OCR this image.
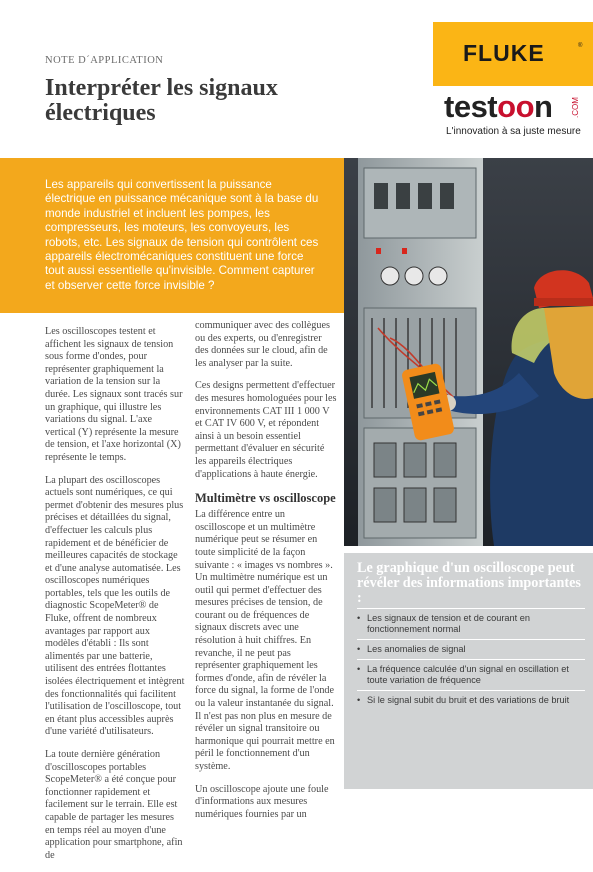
NOTE D´APPLICATION
Interpréter les signaux électriques
FLUKE	®
testoon .COM
L'innovation à sa juste mesure

Les appareils qui convertissent la puissance électrique en puissance mécanique sont à la base du monde industriel et incluent les pompes, les compresseurs, les moteurs, les convoyeurs, les robots, etc. Les signaux de tension qui contrôlent ces appareils électromécaniques constituent une force tout aussi essentielle qu'invisible. Comment capturer et observer cette force invisible ?

Les oscilloscopes testent et affichent les signaux de tension sous forme d'ondes, pour représenter graphiquement la variation de la tension sur la durée. Les signaux sont tracés sur un graphique, qui illustre les variations du signal. L'axe vertical (Y) représente la mesure de tension, et l'axe horizontal (X) représente le temps.

La plupart des oscilloscopes actuels sont numériques, ce qui permet d'obtenir des mesures plus précises et détaillées du signal, d'effectuer les calculs plus rapidement et de bénéficier de meilleures capacités de stockage et d'une analyse automatisée. Les oscilloscopes numériques portables, tels que les outils de diagnostic ScopeMeter® de Fluke, offrent de nombreux avantages par rapport aux modèles d'établi : Ils sont alimentés par une batterie, utilisent des entrées flottantes isolées électriquement et intègrent des fonctionnalités qui facilitent l'utilisation de l'oscilloscope, tout en étant plus accessibles auprès d'une variété d'utilisateurs.

La toute dernière génération d'oscilloscopes portables ScopeMeter® a été conçue pour fonctionner rapidement et facilement sur le terrain. Elle est capable de partager les mesures en temps réel au moyen d'une application pour smartphone, afin de

communiquer avec des collègues ou des experts, ou d'enregistrer des données sur le cloud, afin de les analyser par la suite.

Ces designs permettent d'effectuer des mesures homologuées pour les environnements CAT III 1 000 V et CAT IV 600 V, et répondent ainsi à un besoin essentiel permettant d'évaluer en sécurité les appareils électriques d'applications à haute énergie.

Multimètre vs oscilloscope

La différence entre un oscilloscope et un multimètre numérique peut se résumer en toute simplicité de la façon suivante : « images vs nombres ». Un multimètre numérique est un outil qui permet d'effectuer des mesures précises de tension, de courant ou de fréquences de signaux discrets avec une résolution à huit chiffres. En revanche, il ne peut pas représenter graphiquement les formes d'onde, afin de révéler la force du signal, la forme de l'onde ou la valeur instantanée du signal. Il n'est pas non plus en mesure de révéler un signal transitoire ou harmonique qui pourrait mettre en péril le fonctionnement d'un système.

Un oscilloscope ajoute une foule d'informations aux mesures numériques fournies par un

Le graphique d'un oscilloscope peut révéler des informations importantes :
• Les signaux de tension et de courant en fonctionnement normal
• Les anomalies de signal
• La fréquence calculée d'un signal en oscillation et toute variation de fréquence
• Si le signal subit du bruit et des variations de bruit
